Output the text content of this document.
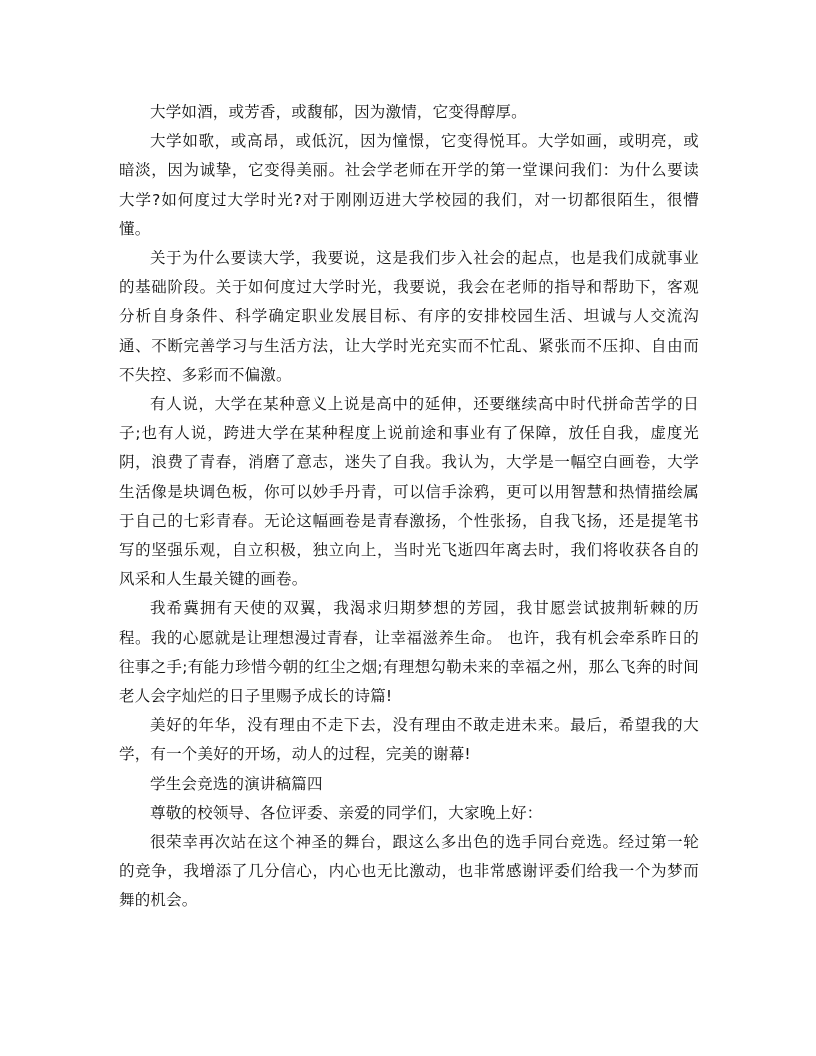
大学如酒，或芳香，或馥郁，因为激情，它变得醇厚。

大学如歌，或高昂，或低沉，因为憧憬，它变得悦耳。大学如画，或明亮，或暗淡，因为诚挚，它变得美丽。社会学老师在开学的第一堂课问我们：为什么要读大学?如何度过大学时光?对于刚刚迈进大学校园的我们，对一切都很陌生，很懵懂。

关于为什么要读大学，我要说，这是我们步入社会的起点，也是我们成就事业的基础阶段。关于如何度过大学时光，我要说，我会在老师的指导和帮助下，客观分析自身条件、科学确定职业发展目标、有序的安排校园生活、坦诚与人交流沟通、不断完善学习与生活方法，让大学时光充实而不忙乱、紧张而不压抑、自由而不失控、多彩而不偏激。

有人说，大学在某种意义上说是高中的延伸，还要继续高中时代拼命苦学的日子;也有人说，跨进大学在某种程度上说前途和事业有了保障，放任自我，虚度光阴，浪费了青春，消磨了意志，迷失了自我。我认为，大学是一幅空白画卷，大学生活像是块调色板，你可以妙手丹青，可以信手涂鸦，更可以用智慧和热情描绘属于自己的七彩青春。无论这幅画卷是青春激扬，个性张扬，自我飞扬，还是提笔书写的坚强乐观，自立积极，独立向上，当时光飞逝四年离去时，我们将收获各自的风采和人生最关键的画卷。

我希冀拥有天使的双翼，我渴求归期梦想的芳园，我甘愿尝试披荆斩棘的历程。我的心愿就是让理想漫过青春，让幸福滋养生命。 也许，我有机会牵系昨日的往事之手;有能力珍惜今朝的红尘之烟;有理想勾勒未来的幸福之州，那么飞奔的时间老人会字灿烂的日子里赐予成长的诗篇!

美好的年华，没有理由不走下去，没有理由不敢走进未来。最后，希望我的大学，有一个美好的开场，动人的过程，完美的谢幕!

学生会竞选的演讲稿篇四

尊敬的校领导、各位评委、亲爱的同学们，大家晚上好：

很荣幸再次站在这个神圣的舞台，跟这么多出色的选手同台竞选。经过第一轮的竞争，我增添了几分信心，内心也无比激动，也非常感谢评委们给我一个为梦而舞的机会。
